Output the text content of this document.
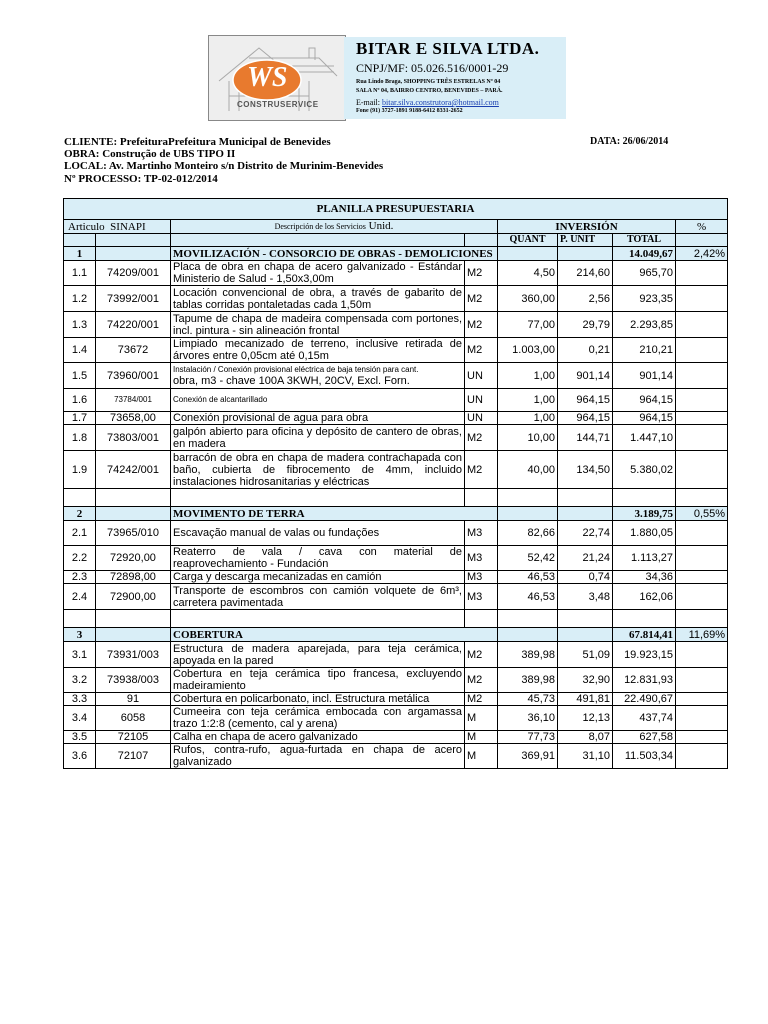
WS
CONSTRUSERVICE
BITAR E SILVA LTDA.
CNPJ/MF: 05.026.516/0001-29
Rua Lindo Braga, SHOPPING TRÊS ESTRELAS Nº 04
SALA Nº 04, BAIRRO CENTRO, BENEVIDES – PARÁ.
E-mail: bitar.silva.construtora@hotmail.com
Fone (91) 3727-1891 9188-6412 8331-2652
CLIENTE: PrefeituraPrefeitura Municipal de Benevides
OBRA: Construção de UBS TIPO II
LOCAL: Av. Martinho Monteiro s/n Distrito de Murinim-Benevides
Nº PROCESSO: TP-02-012/2014
DATA: 26/06/2014
PLANILLA PRESUPUESTARIA							
Articulo SINAPI		Descripción de los Servicios Unid.		INVERSIÓN			%
				QUANT	P. UNIT	TOTAL	
1		MOVILIZACIÓN - CONSORCIO DE OBRAS - DEMOLICIONES				14.049,67	2,42%
1.1	74209/001	Placa de obra en chapa de acero galvanizado - Estándar Ministerio de Salud - 1,50x3,00m	M2	4,50	214,60	965,70	
1.2	73992/001	Locación convencional de obra, a través de gabarito de tablas corridas pontaletadas cada 1,50m	M2	360,00	2,56	923,35	
1.3	74220/001	Tapume de chapa de madeira compensada com portones, incl. pintura - sin alineación frontal	M2	77,00	29,79	2.293,85	
1.4	73672	Limpiado mecanizado de terreno, inclusive retirada de árvores entre 0,05cm até 0,15m	M2	1.003,00	0,21	210,21	
1.5	73960/001	Instalación / Conexión provisional eléctrica de baja tensión para cant.
obra, m3 - chave 100A 3KWH, 20CV, Excl. Forn.	UN	1,00	901,14	901,14	
1.6	73784/001	Conexión de alcantarillado	UN	1,00	964,15	964,15	
1.7	73658,00	Conexión provisional de agua para obra	UN	1,00	964,15	964,15	
1.8	73803/001	galpón abierto para oficina y depósito de cantero de obras, en madera	M2	10,00	144,71	1.447,10	
1.9	74242/001	barracón de obra en chapa de madera contrachapada con baño, cubierta de fibrocemento de 4mm, incluido instalaciones hidrosanitarias y eléctricas	M2	40,00	134,50	5.380,02	

2		MOVIMENTO DE TERRA				3.189,75	0,55%
2.1	73965/010	Escavação manual de valas ou fundações	M3	82,66	22,74	1.880,05	
2.2	72920,00	Reaterro de vala / cava con material de reaprovechamiento - Fundación	M3	52,42	21,24	1.113,27	
2.3	72898,00	Carga y descarga mecanizadas en camión	M3	46,53	0,74	34,36	
2.4	72900,00	Transporte de escombros con camión volquete de 6m³, carretera pavimentada	M3	46,53	3,48	162,06	

3		COBERTURA				67.814,41	11,69%
3.1	73931/003	Estructura de madera aparejada, para teja cerámica, apoyada en la pared	M2	389,98	51,09	19.923,15	
3.2	73938/003	Cobertura en teja cerámica tipo francesa, excluyendo madeiramiento	M2	389,98	32,90	12.831,93	
3.3	91	Cobertura en policarbonato, incl. Estructura metálica	M2	45,73	491,81	22.490,67	
3.4	6058	Cumeeira con teja cerámica embocada con argamassa trazo 1:2:8 (cemento, cal y arena)	M	36,10	12,13	437,74	
3.5	72105	Calha en chapa de acero galvanizado	M	77,73	8,07	627,58	
3.6	72107	Rufos, contra-rufo, agua-furtada en chapa de acero galvanizado	M	369,91	31,10	11.503,34	
